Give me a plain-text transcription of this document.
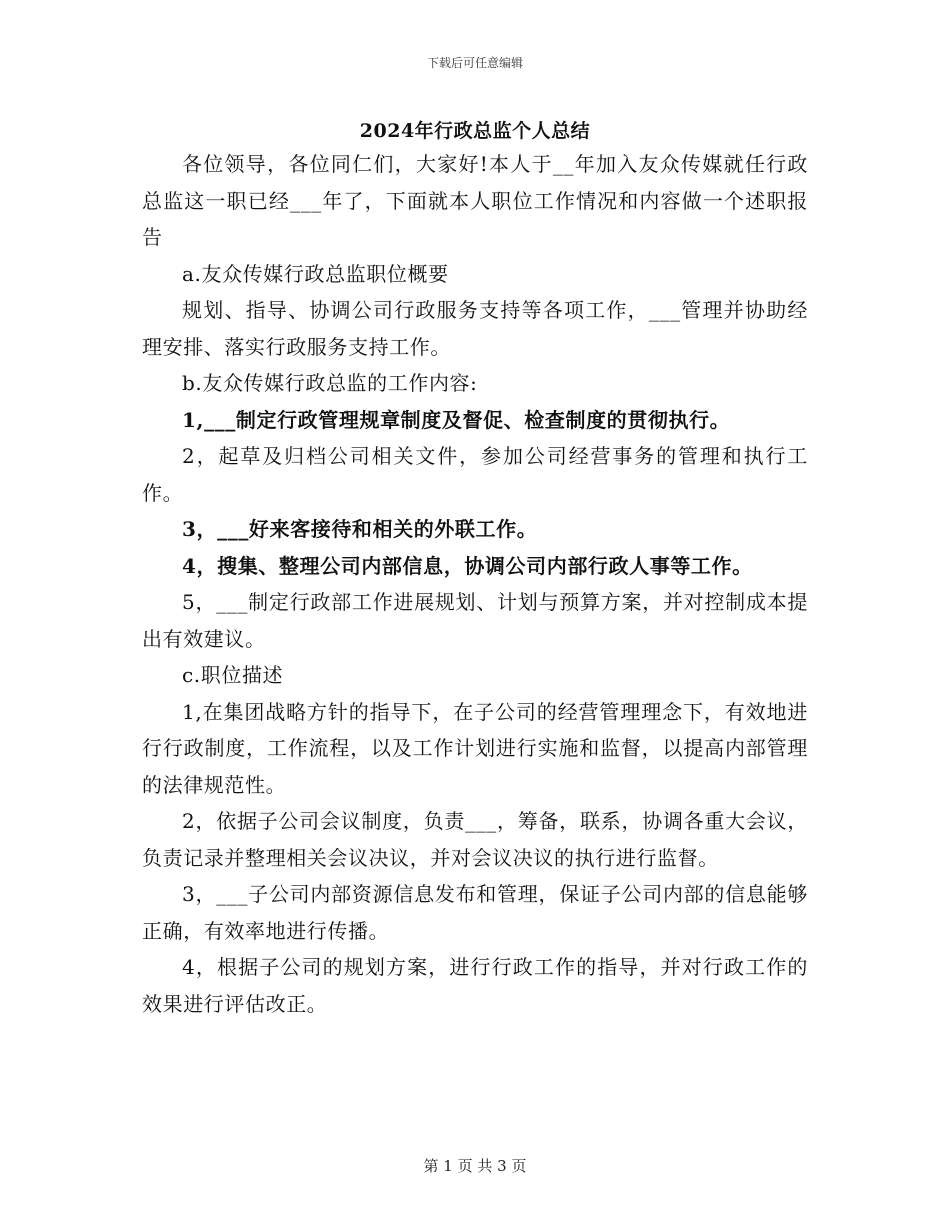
下载后可任意编辑
2024年行政总监个人总结

各位领导，各位同仁们，大家好!本人于__年加入友众传媒就任行政总监这一职已经___年了，下面就本人职位工作情况和内容做一个述职报告

a.友众传媒行政总监职位概要

规划、指导、协调公司行政服务支持等各项工作，___管理并协助经理安排、落实行政服务支持工作。

b.友众传媒行政总监的工作内容:

1,___制定行政管理规章制度及督促、检查制度的贯彻执行。

2，起草及归档公司相关文件，参加公司经营事务的管理和执行工作。

3，___好来客接待和相关的外联工作。

4，搜集、整理公司内部信息，协调公司内部行政人事等工作。

5，___制定行政部工作进展规划、计划与预算方案，并对控制成本提出有效建议。

c.职位描述

1,在集团战略方针的指导下，在子公司的经营管理理念下，有效地进行行政制度，工作流程，以及工作计划进行实施和监督，以提高内部管理的法律规范性。

2，依据子公司会议制度，负责___，筹备，联系，协调各重大会议，负责记录并整理相关会议决议，并对会议决议的执行进行监督。

3，___子公司内部资源信息发布和管理，保证子公司内部的信息能够正确，有效率地进行传播。

4，根据子公司的规划方案，进行行政工作的指导，并对行政工作的效果进行评估改正。

第 1 页 共 3 页
